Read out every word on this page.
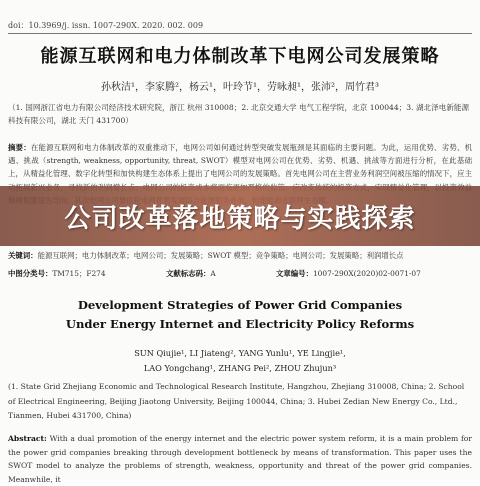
doi：10.3969/j. issn. 1007-290X. 2020. 002. 009
能源互联网和电力体制改革下电网公司发展策略
孙秋洁¹，李家腾²，杨云¹，叶玲节¹，劳咏昶¹，张沛²，周竹君³
（1. 国网浙江省电力有限公司经济技术研究院，浙江 杭州 310008；2. 北京交通大学 电气工程学院，北京 100044；3. 湖北泽电新能源科技有限公司，湖北 天门 431700）
摘要：在能源互联网和电力体制改革的双重推动下，电网公司如何通过转型突破发展瓶颈是其面临的主要问题。为此，运用优势、劣势、机遇、挑战（strength, weakness, opportunity, threat, SWOT）模型对电网公司在优势、劣势、机遇、挑战等方面进行分析，在此基础上，从精益化管理、数字化转型和加快构建生态体系上提出了电网公司的发展策略。首先电网公司在主营业务利润空间被压缩的情况下，应主
公司改革落地策略与实践探索
关键词：能源互联网；电力体制改革；电网公司；发展策略；SWOT 模型；竞争策略；电网公司；发展策略；利润增长点
中图分类号：TM715；F274	文献标志码：A	文章编号：1007-290X(2020)02-0071-07
Development Strategies of Power Grid Companies
Under Energy Internet and Electricity Policy Reforms
SUN Qiujie¹, LI Jiateng², YANG Yunlu¹, YE Lingjie¹,
LAO Yongchang¹, ZHANG Pei², ZHOU Zhujun³
(1. State Grid Zhejiang Economic and Technological Research Institute, Hangzhou, Zhejiang 310008, China; 2. School of Electrical Engineering, Beijing Jiaotong University, Beijing 100044, China; 3. Hubei Zedian New Energy Co., Ltd., Tianmen, Hubei 431700, China)
Abstract: With a dual promotion of the energy internet and the electric power system reform, it is a main problem for the power grid companies breaking through development bottleneck by means of transformation. This paper uses the SWOT model to analyze the problems of strength, weakness, opportunity and threat of the power grid companies. Meanwhile, it
